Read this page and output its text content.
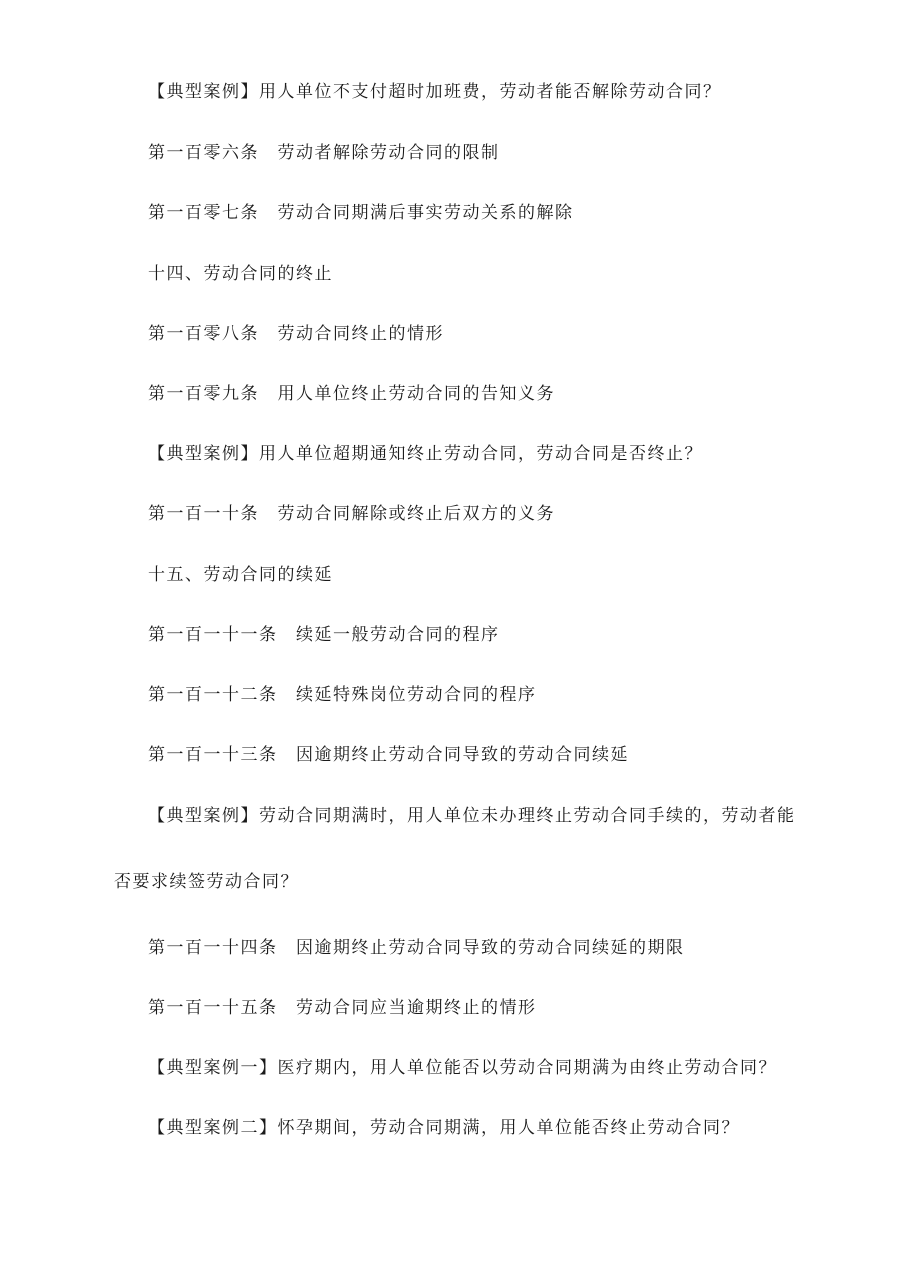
【典型案例】用人单位不支付超时加班费，劳动者能否解除劳动合同？
第一百零六条　劳动者解除劳动合同的限制
第一百零七条　劳动合同期满后事实劳动关系的解除
十四、劳动合同的终止
第一百零八条　劳动合同终止的情形
第一百零九条　用人单位终止劳动合同的告知义务
【典型案例】用人单位超期通知终止劳动合同，劳动合同是否终止？
第一百一十条　劳动合同解除或终止后双方的义务
十五、劳动合同的续延
第一百一十一条　续延一般劳动合同的程序
第一百一十二条　续延特殊岗位劳动合同的程序
第一百一十三条　因逾期终止劳动合同导致的劳动合同续延
【典型案例】劳动合同期满时，用人单位未办理终止劳动合同手续的，劳动者能
否要求续签劳动合同？
第一百一十四条　因逾期终止劳动合同导致的劳动合同续延的期限
第一百一十五条　劳动合同应当逾期终止的情形
【典型案例一】医疗期内，用人单位能否以劳动合同期满为由终止劳动合同？
【典型案例二】怀孕期间，劳动合同期满，用人单位能否终止劳动合同？
